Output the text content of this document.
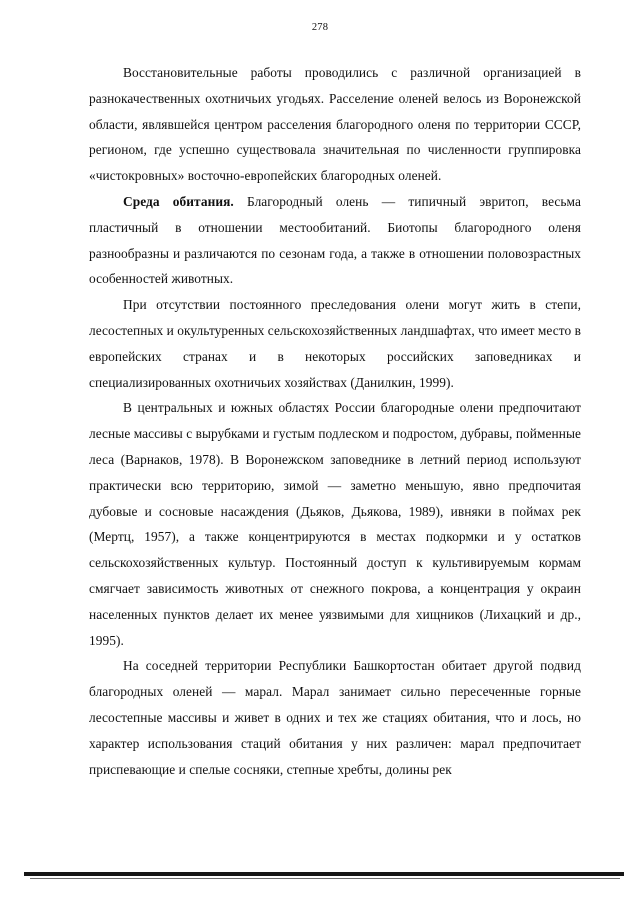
278

Восстановительные работы проводились с различной организацией в разнокачественных охотничьих угодьях. Расселение оленей велось из Воронежской области, являвшейся центром расселения благородного оленя по территории СССР, регионом, где успешно существовала значительная по численности группировка «чистокровных» восточно-европейских благородных оленей.

Среда обитания. Благородный олень — типичный эвритоп, весьма пластичный в отношении местообитаний. Биотопы благородного оленя разнообразны и различаются по сезонам года, а также в отношении половозрастных особенностей животных.

При отсутствии постоянного преследования олени могут жить в степи, лесостепных и окультуренных сельскохозяйственных ландшафтах, что имеет место в европейских странах и в некоторых российских заповедниках и специализированных охотничьих хозяйствах (Данилкин, 1999).

В центральных и южных областях России благородные олени предпочитают лесные массивы с вырубками и густым подлеском и подростом, дубравы, пойменные леса (Варнаков, 1978). В Воронежском заповеднике в летний период используют практически всю территорию, зимой — заметно меньшую, явно предпочитая дубовые и сосновые насаждения (Дьяков, Дьякова, 1989), ивняки в поймах рек (Мертц, 1957), а также концентрируются в местах подкормки и у остатков сельскохозяйственных культур. Постоянный доступ к культивируемым кормам смягчает зависимость животных от снежного покрова, а концентрация у окраин населенных пунктов делает их менее уязвимыми для хищников (Лихацкий и др., 1995).

На соседней территории Республики Башкортостан обитает другой подвид благородных оленей — марал. Марал занимает сильно пересеченные горные лесостепные массивы и живет в одних и тех же стациях обитания, что и лось, но характер использования стаций обитания у них различен: марал предпочитает приспевающие и спелые сосняки, степные хребты, долины рек
